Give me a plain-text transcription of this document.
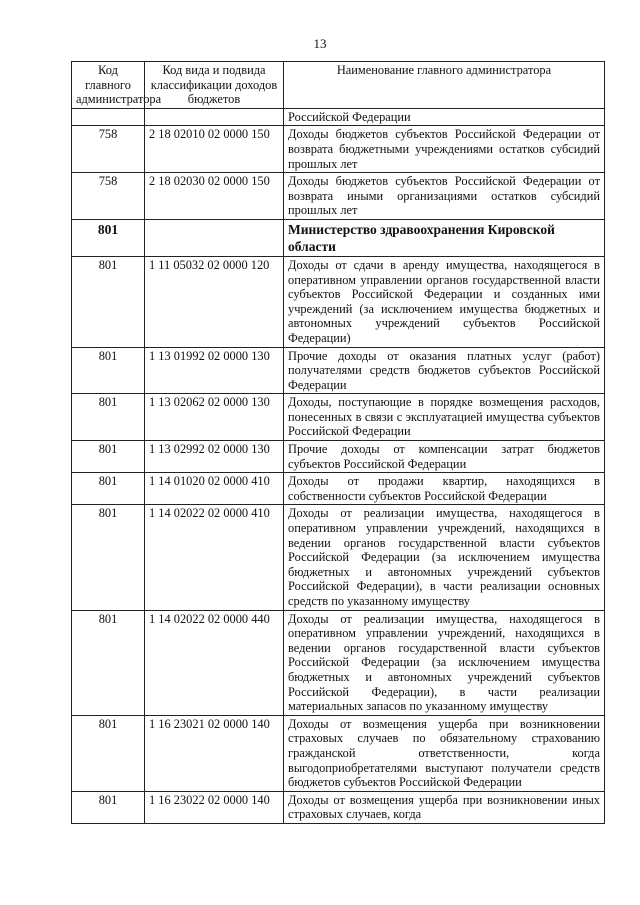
13
Код главного администратора	Код вида и подвида классификации доходов бюджетов	Наименование главного администратора
		Российской Федерации
758	2 18 02010 02 0000 150	Доходы бюджетов субъектов Российской Федерации от возврата бюджетными учреждениями остатков субсидий прошлых лет
758	2 18 02030 02 0000 150	Доходы бюджетов субъектов Российской Федерации от возврата иными организациями остатков субсидий прошлых лет
801		Министерство здравоохранения Кировской области
801	1 11 05032 02 0000 120	Доходы от сдачи в аренду имущества, находящегося в оперативном управлении органов государственной власти субъектов Российской Федерации и созданных ими учреждений (за исключением имущества бюджетных и автономных учреждений субъектов Российской Федерации)
801	1 13 01992 02 0000 130	Прочие доходы от оказания платных услуг (работ) получателями средств бюджетов субъектов Российской Федерации
801	1 13 02062 02 0000 130	Доходы, поступающие в порядке возмещения расходов, понесенных в связи с эксплуатацией имущества субъектов Российской Федерации
801	1 13 02992 02 0000 130	Прочие доходы от компенсации затрат бюджетов субъектов Российской Федерации
801	1 14 01020 02 0000 410	Доходы от продажи квартир, находящихся в собственности субъектов Российской Федерации
801	1 14 02022 02 0000 410	Доходы от реализации имущества, находящегося в оперативном управлении учреждений, находящихся в ведении органов государственной власти субъектов Российской Федерации (за исключением имущества бюджетных и автономных учреждений субъектов Российской Федерации), в части реализации основных средств по указанному имуществу
801	1 14 02022 02 0000 440	Доходы от реализации имущества, находящегося в оперативном управлении учреждений, находящихся в ведении органов государственной власти субъектов Российской Федерации (за исключением имущества бюджетных и автономных учреждений субъектов Российской Федерации), в части реализации материальных запасов по указанному имуществу
801	1 16 23021 02 0000 140	Доходы от возмещения ущерба при возникновении страховых случаев по обязательному страхованию гражданской ответственности, когда выгодоприобретателями выступают получатели средств бюджетов субъектов Российской Федерации
801	1 16 23022 02 0000 140	Доходы от возмещения ущерба при возникновении иных страховых случаев, когда
